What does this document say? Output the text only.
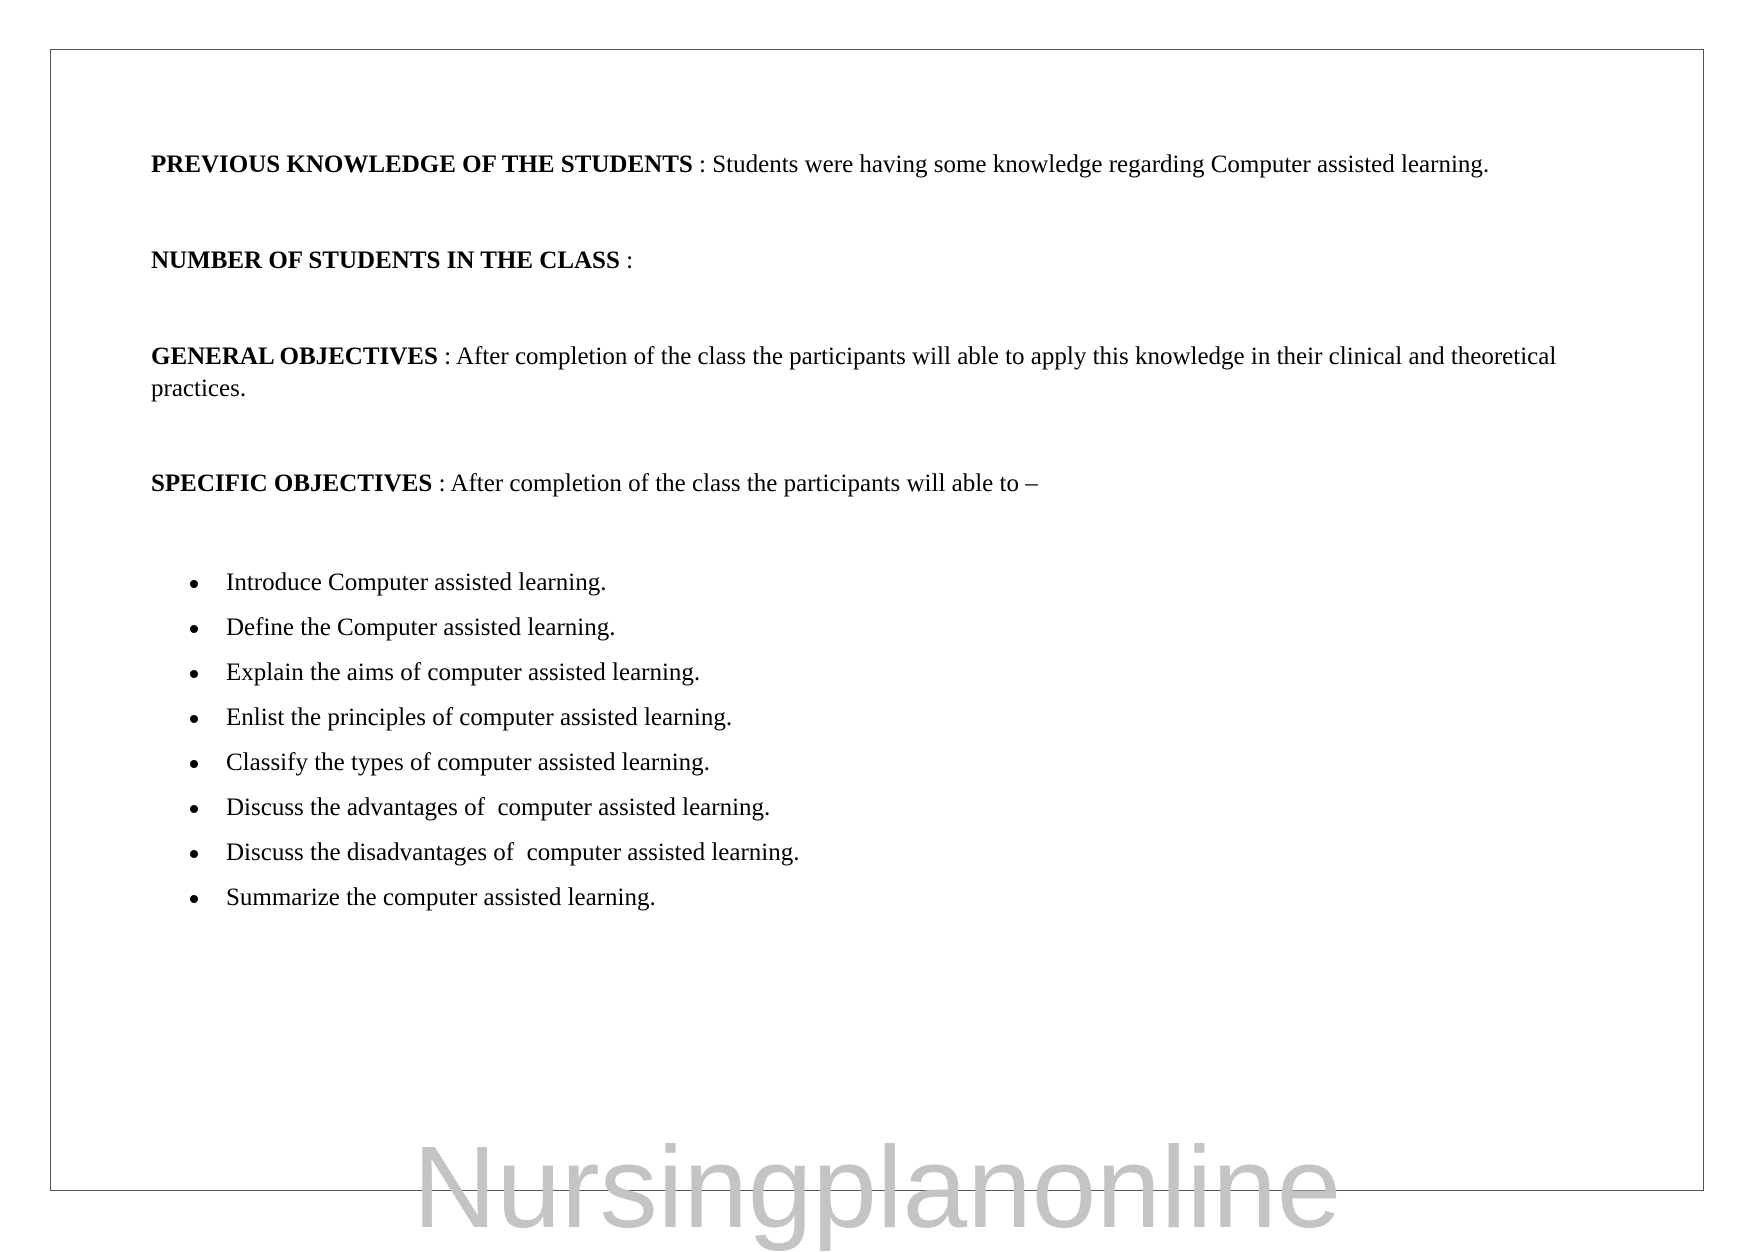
PREVIOUS KNOWLEDGE OF THE STUDENTS : Students were having some knowledge regarding Computer assisted learning.

NUMBER OF STUDENTS IN THE CLASS :

GENERAL OBJECTIVES : After completion of the class the participants will able to apply this knowledge in their clinical and theoretical practices.

SPECIFIC OBJECTIVES : After completion of the class the participants will able to –

Introduce Computer assisted learning.
Define the Computer assisted learning.
Explain the aims of computer assisted learning.
Enlist the principles of computer assisted learning.
Classify the types of computer assisted learning.
Discuss the advantages of  computer assisted learning.
Discuss the disadvantages of  computer assisted learning.
Summarize the computer assisted learning.
Nursingplanonline
